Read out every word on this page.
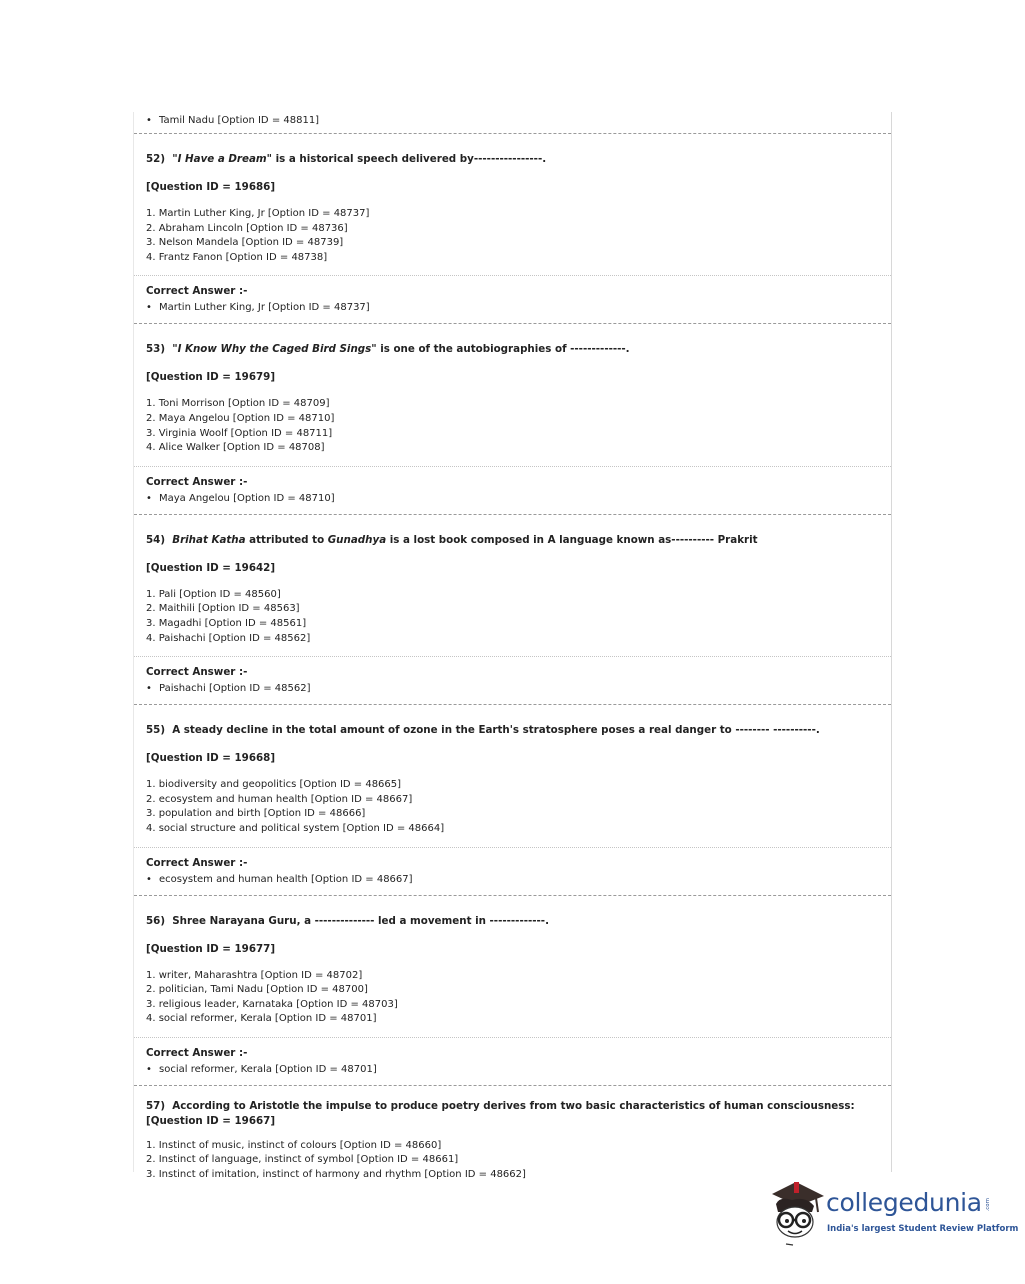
• Tamil Nadu [Option ID = 48811]

52) "I Have a Dream" is a historical speech delivered by----------------.

[Question ID = 19686]

1. Martin Luther King, Jr [Option ID = 48737]
2. Abraham Lincoln [Option ID = 48736]
3. Nelson Mandela [Option ID = 48739]
4. Frantz Fanon [Option ID = 48738]
Correct Answer :-
• Martin Luther King, Jr [Option ID = 48737]

53) "I Know Why the Caged Bird Sings" is one of the autobiographies of -------------.

[Question ID = 19679]

1. Toni Morrison [Option ID = 48709]
2. Maya Angelou [Option ID = 48710]
3. Virginia Woolf [Option ID = 48711]
4. Alice Walker [Option ID = 48708]
Correct Answer :-
• Maya Angelou [Option ID = 48710]

54) Brihat Katha attributed to Gunadhya is a lost book composed in A language known as---------- Prakrit

[Question ID = 19642]

1. Pali [Option ID = 48560]
2. Maithili [Option ID = 48563]
3. Magadhi [Option ID = 48561]
4. Paishachi [Option ID = 48562]
Correct Answer :-
• Paishachi [Option ID = 48562]

55) A steady decline in the total amount of ozone in the Earth's stratosphere poses a real danger to -------- ----------.

[Question ID = 19668]

1. biodiversity and geopolitics [Option ID = 48665]
2. ecosystem and human health [Option ID = 48667]
3. population and birth [Option ID = 48666]
4. social structure and political system [Option ID = 48664]
Correct Answer :-
• ecosystem and human health [Option ID = 48667]

56) Shree Narayana Guru, a -------------- led a movement in -------------.

[Question ID = 19677]

1. writer, Maharashtra [Option ID = 48702]
2. politician, Tami Nadu [Option ID = 48700]
3. religious leader, Karnataka [Option ID = 48703]
4. social reformer, Kerala [Option ID = 48701]
Correct Answer :-
• social reformer, Kerala [Option ID = 48701]

57) According to Aristotle the impulse to produce poetry derives from two basic characteristics of human consciousness: [Question ID = 19667]

1. Instinct of music, instinct of colours [Option ID = 48660]
2. Instinct of language, instinct of symbol [Option ID = 48661]
3. Instinct of imitation, instinct of harmony and rhythm [Option ID = 48662]
collegedunia .com
India's largest Student Review Platform
